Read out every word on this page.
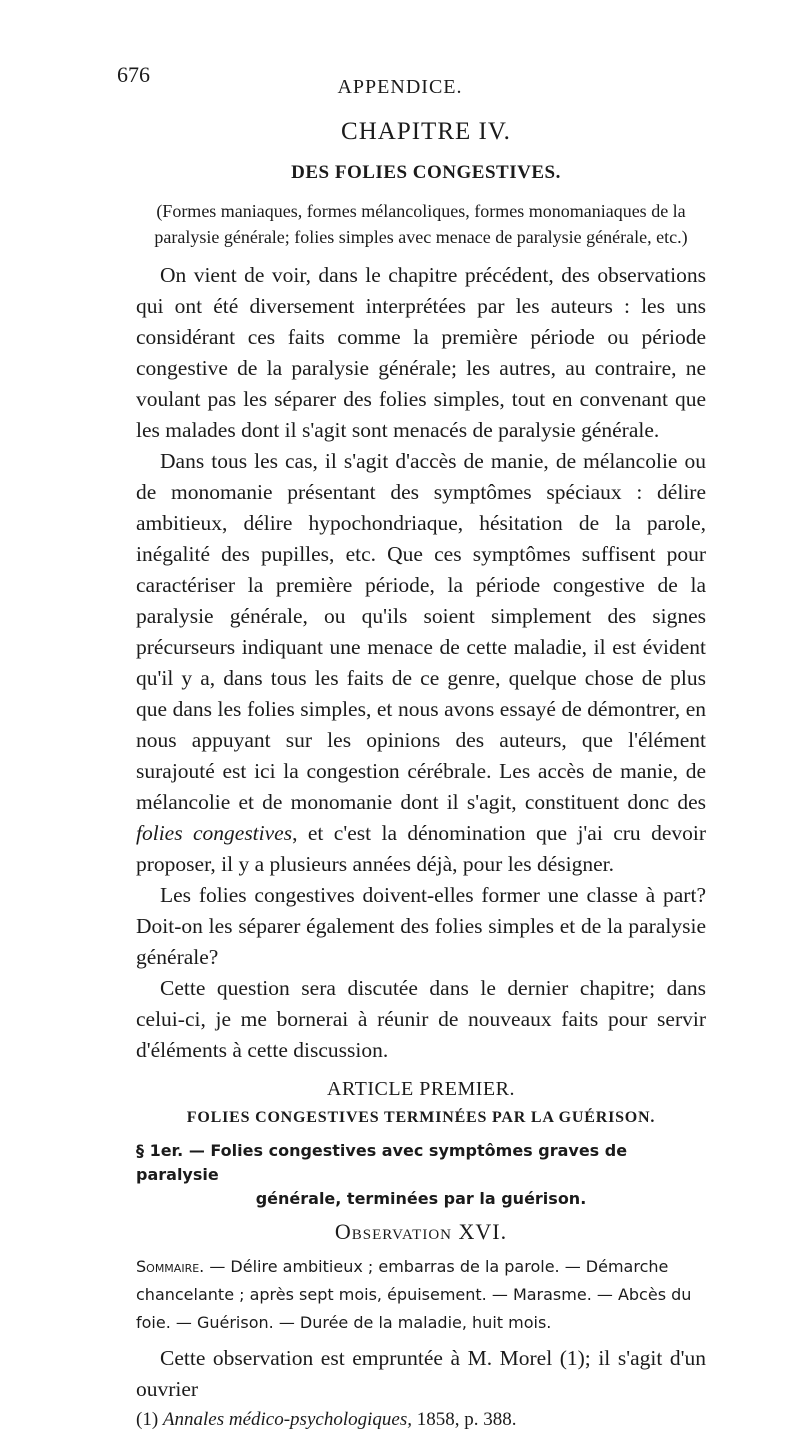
676	APPENDICE.
CHAPITRE IV.
DES FOLIES CONGESTIVES.

(Formes maniaques, formes mélancoliques, formes monomaniaques de la paralysie générale; folies simples avec menace de paralysie générale, etc.)

On vient de voir, dans le chapitre précédent, des observations qui ont été diversement interprétées par les auteurs : les uns considérant ces faits comme la première période ou période congestive de la paralysie générale; les autres, au contraire, ne voulant pas les séparer des folies simples, tout en convenant que les malades dont il s'agit sont menacés de paralysie générale.

Dans tous les cas, il s'agit d'accès de manie, de mélancolie ou de monomanie présentant des symptômes spéciaux : délire ambitieux, délire hypochondriaque, hésitation de la parole, inégalité des pupilles, etc. Que ces symptômes suffisent pour caractériser la première période, la période congestive de la paralysie générale, ou qu'ils soient simplement des signes précurseurs indiquant une menace de cette maladie, il est évident qu'il y a, dans tous les faits de ce genre, quelque chose de plus que dans les folies simples, et nous avons essayé de démontrer, en nous appuyant sur les opinions des auteurs, que l'élément surajouté est ici la congestion cérébrale. Les accès de manie, de mélancolie et de monomanie dont il s'agit, constituent donc des folies congestives, et c'est la dénomination que j'ai cru devoir proposer, il y a plusieurs années déjà, pour les désigner.

Les folies congestives doivent-elles former une classe à part? Doit-on les séparer également des folies simples et de la paralysie générale?

Cette question sera discutée dans le dernier chapitre; dans celui-ci, je me bornerai à réunir de nouveaux faits pour servir d'éléments à cette discussion.

ARTICLE PREMIER.
FOLIES CONGESTIVES TERMINÉES PAR LA GUÉRISON.
§ 1er. — Folies congestives avec symptômes graves de paralysie
générale, terminées par la guérison.
Observation XVI.

Sommaire. — Délire ambitieux ; embarras de la parole. — Démarche chancelante ; après sept mois, épuisement. — Marasme. — Abcès du foie. — Guérison. — Durée de la maladie, huit mois.

Cette observation est empruntée à M. Morel (1); il s'agit d'un ouvrier

(1) Annales médico-psychologiques, 1858, p. 388.
